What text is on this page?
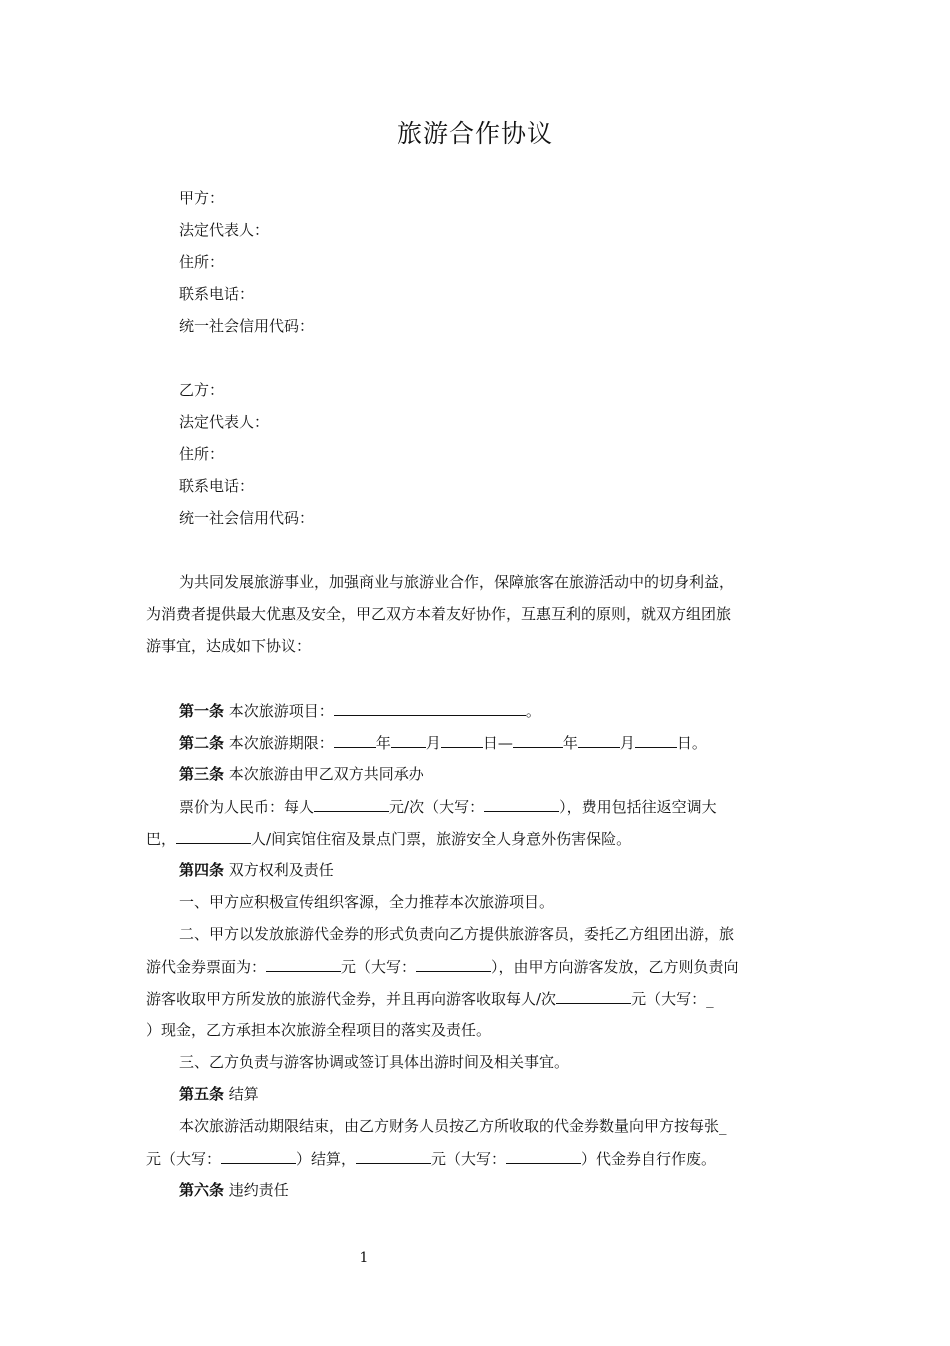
旅游合作协议

甲方：

法定代表人：

住所：

联系电话：

统一社会信用代码：

乙方：

法定代表人：

住所：

联系电话：

统一社会信用代码：

为共同发展旅游事业，加强商业与旅游业合作，保障旅客在旅游活动中的切身利益，

为消费者提供最大优惠及安全，甲乙双方本着友好协作，互惠互利的原则，就双方组团旅

游事宜，达成如下协议：

第一条 本次旅游项目：	。

第二条 本次旅游期限：	年 月	日—	年	月	日。

第三条 本次旅游由甲乙双方共同承办

票价为人民币：每人	元/次（大写：	），费用包括往返空调大

巴，	人/间宾馆住宿及景点门票，旅游安全人身意外伤害保险。

第四条 双方权利及责任

一、甲方应积极宣传组织客源，全力推荐本次旅游项目。

二、甲方以发放旅游代金券的形式负责向乙方提供旅游客员，委托乙方组团出游，旅

游代金券票面为：	元（大写：	），由甲方向游客发放，乙方则负责向

游客收取甲方所发放的旅游代金券，并且再向游客收取每人/次	元（大写：_

）现金，乙方承担本次旅游全程项目的落实及责任。

三、乙方负责与游客协调或签订具体出游时间及相关事宜。

第五条 结算

本次旅游活动期限结束，由乙方财务人员按乙方所收取的代金券数量向甲方按每张_

元（大写：	）结算，	元（大写：	）代金券自行作废。

第六条 违约责任

1
